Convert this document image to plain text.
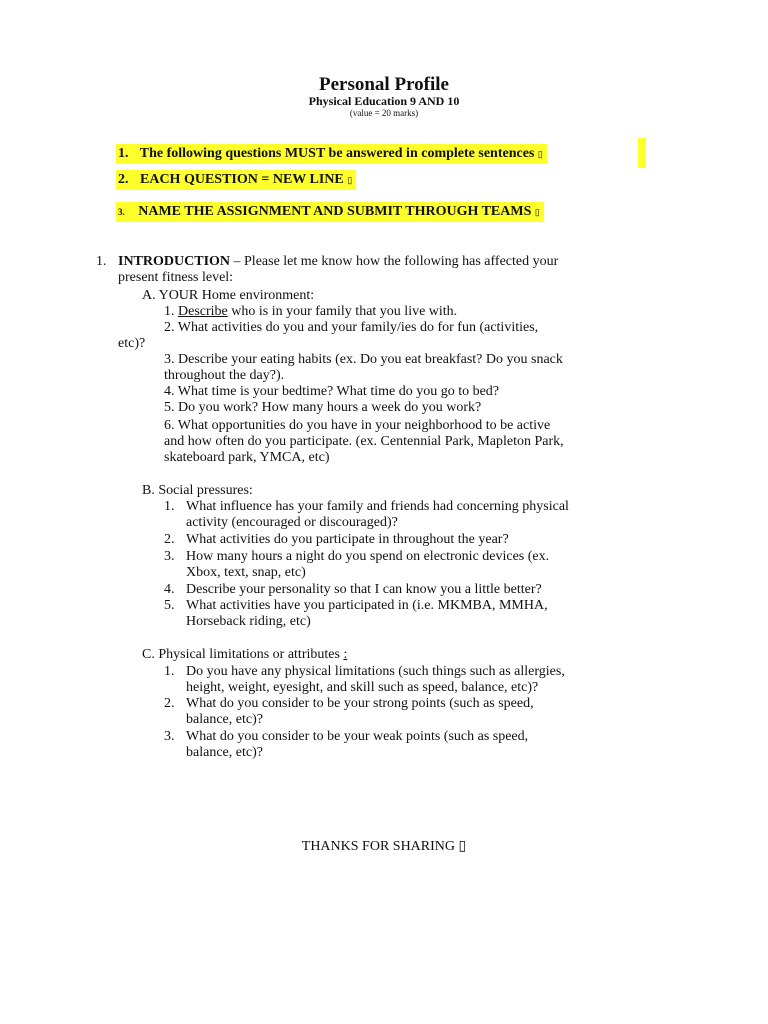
Personal Profile
Physical Education 9 AND 10
(value = 20 marks)
1. The following questions MUST be answered in complete sentences ▯
2. EACH QUESTION = NEW LINE ▯
3. NAME THE ASSIGNMENT AND SUBMIT THROUGH TEAMS ▯
1. INTRODUCTION – Please let me know how the following has affected your
present fitness level:
A. YOUR Home environment:
1. Describe who is in your family that you live with.
2. What activities do you and your family/ies do for fun (activities,
etc)?
3. Describe your eating habits (ex. Do you eat breakfast? Do you snack
throughout the day?).
4. What time is your bedtime? What time do you go to bed?
5. Do you work? How many hours a week do you work?
6. What opportunities do you have in your neighborhood to be active
and how often do you participate. (ex. Centennial Park, Mapleton Park,
skateboard park, YMCA, etc)
B. Social pressures:
1. What influence has your family and friends had concerning physical
activity (encouraged or discouraged)?
2. What activities do you participate in throughout the year?
3. How many hours a night do you spend on electronic devices (ex.
Xbox, text, snap, etc)
4. Describe your personality so that I can know you a little better?
5. What activities have you participated in (i.e. MKMBA, MMHA,
Horseback riding, etc)
C. Physical limitations or attributes :
1. Do you have any physical limitations (such things such as allergies,
height, weight, eyesight, and skill such as speed, balance, etc)?
2. What do you consider to be your strong points (such as speed,
balance, etc)?
3. What do you consider to be your weak points (such as speed,
balance, etc)?
THANKS FOR SHARING ▯
